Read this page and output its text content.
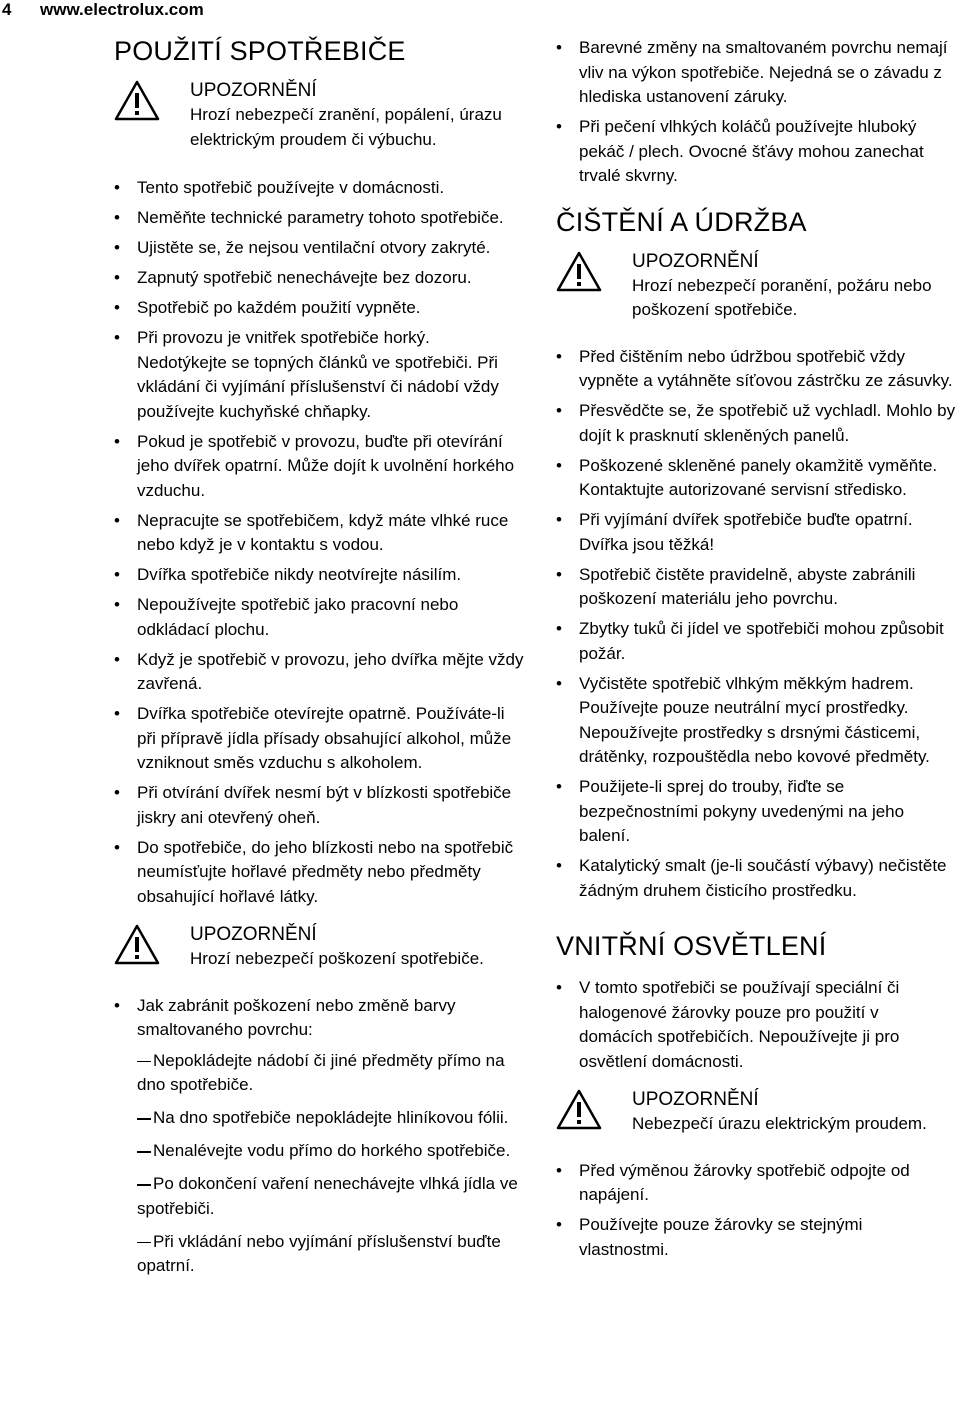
4 www.electrolux.com
POUŽITÍ SPOTŘEBIČE
UPOZORNĚNÍ
Hrozí nebezpečí zranění, popálení, úrazu elektrickým proudem či výbuchu.
• Tento spotřebič používejte v domácnosti.
• Neměňte technické parametry tohoto spotřebiče.
• Ujistěte se, že nejsou ventilační otvory zakryté.
• Zapnutý spotřebič nenechávejte bez dozoru.
• Spotřebič po každém použití vypněte.
• Při provozu je vnitřek spotřebiče horký. Nedotýkejte se topných článků ve spotřebiči. Při vkládání či vyjímání příslušenství či nádobí vždy používejte kuchyňské chňapky.
• Pokud je spotřebič v provozu, buďte při otevírání jeho dvířek opatrní. Může dojít k uvolnění horkého vzduchu.
• Nepracujte se spotřebičem, když máte vlhké ruce nebo když je v kontaktu s vodou.
• Dvířka spotřebiče nikdy neotvírejte násilím.
• Nepoužívejte spotřebič jako pracovní nebo odkládací plochu.
• Když je spotřebič v provozu, jeho dvířka mějte vždy zavřená.
• Dvířka spotřebiče otevírejte opatrně. Používáte-li při přípravě jídla přísady obsahující alkohol, může vzniknout směs vzduchu s alkoholem.
• Při otvírání dvířek nesmí být v blízkosti spotřebiče jiskry ani otevřený oheň.
• Do spotřebiče, do jeho blízkosti nebo na spotřebič neumísťujte hořlavé předměty nebo předměty obsahující hořlavé látky.
UPOZORNĚNÍ
Hrozí nebezpečí poškození spotřebiče.
• Jak zabránit poškození nebo změně barvy smaltovaného povrchu:
Nepokládejte nádobí či jiné předměty přímo na dno spotřebiče.
Na dno spotřebiče nepokládejte hliníkovou fólii.
Nenalévejte vodu přímo do horkého spotřebiče.
Po dokončení vaření nenechávejte vlhká jídla ve spotřebiči.
Při vkládání nebo vyjímání příslušenství buďte opatrní.
• Barevné změny na smaltovaném povrchu nemají vliv na výkon spotřebiče. Nejedná se o závadu z hlediska ustanovení záruky.
• Při pečení vlhkých koláčů používejte hluboký pekáč / plech. Ovocné šťávy mohou zanechat trvalé skvrny.
ČIŠTĚNÍ A ÚDRŽBA
UPOZORNĚNÍ
Hrozí nebezpečí poranění, požáru nebo poškození spotřebiče.
• Před čištěním nebo údržbou spotřebič vždy vypněte a vytáhněte síťovou zástrčku ze zásuvky.
• Přesvědčte se, že spotřebič už vychladl. Mohlo by dojít k prasknutí skleněných panelů.
• Poškozené skleněné panely okamžitě vyměňte. Kontaktujte autorizované servisní středisko.
• Při vyjímání dvířek spotřebiče buďte opatrní. Dvířka jsou těžká!
• Spotřebič čistěte pravidelně, abyste zabránili poškození materiálu jeho povrchu.
• Zbytky tuků či jídel ve spotřebiči mohou způsobit požár.
• Vyčistěte spotřebič vlhkým měkkým hadrem. Používejte pouze neutrální mycí prostředky. Nepoužívejte prostředky s drsnými částicemi, drátěnky, rozpouštědla nebo kovové předměty.
• Použijete-li sprej do trouby, řiďte se bezpečnostními pokyny uvedenými na jeho balení.
• Katalytický smalt (je-li součástí výbavy) nečistěte žádným druhem čisticího prostředku.
VNITŘNÍ OSVĚTLENÍ
• V tomto spotřebiči se používají speciální či halogenové žárovky pouze pro použití v domácích spotřebičích. Nepoužívejte ji pro osvětlení domácnosti.
UPOZORNĚNÍ
Nebezpečí úrazu elektrickým proudem.
• Před výměnou žárovky spotřebič odpojte od napájení.
• Používejte pouze žárovky se stejnými vlastnostmi.
